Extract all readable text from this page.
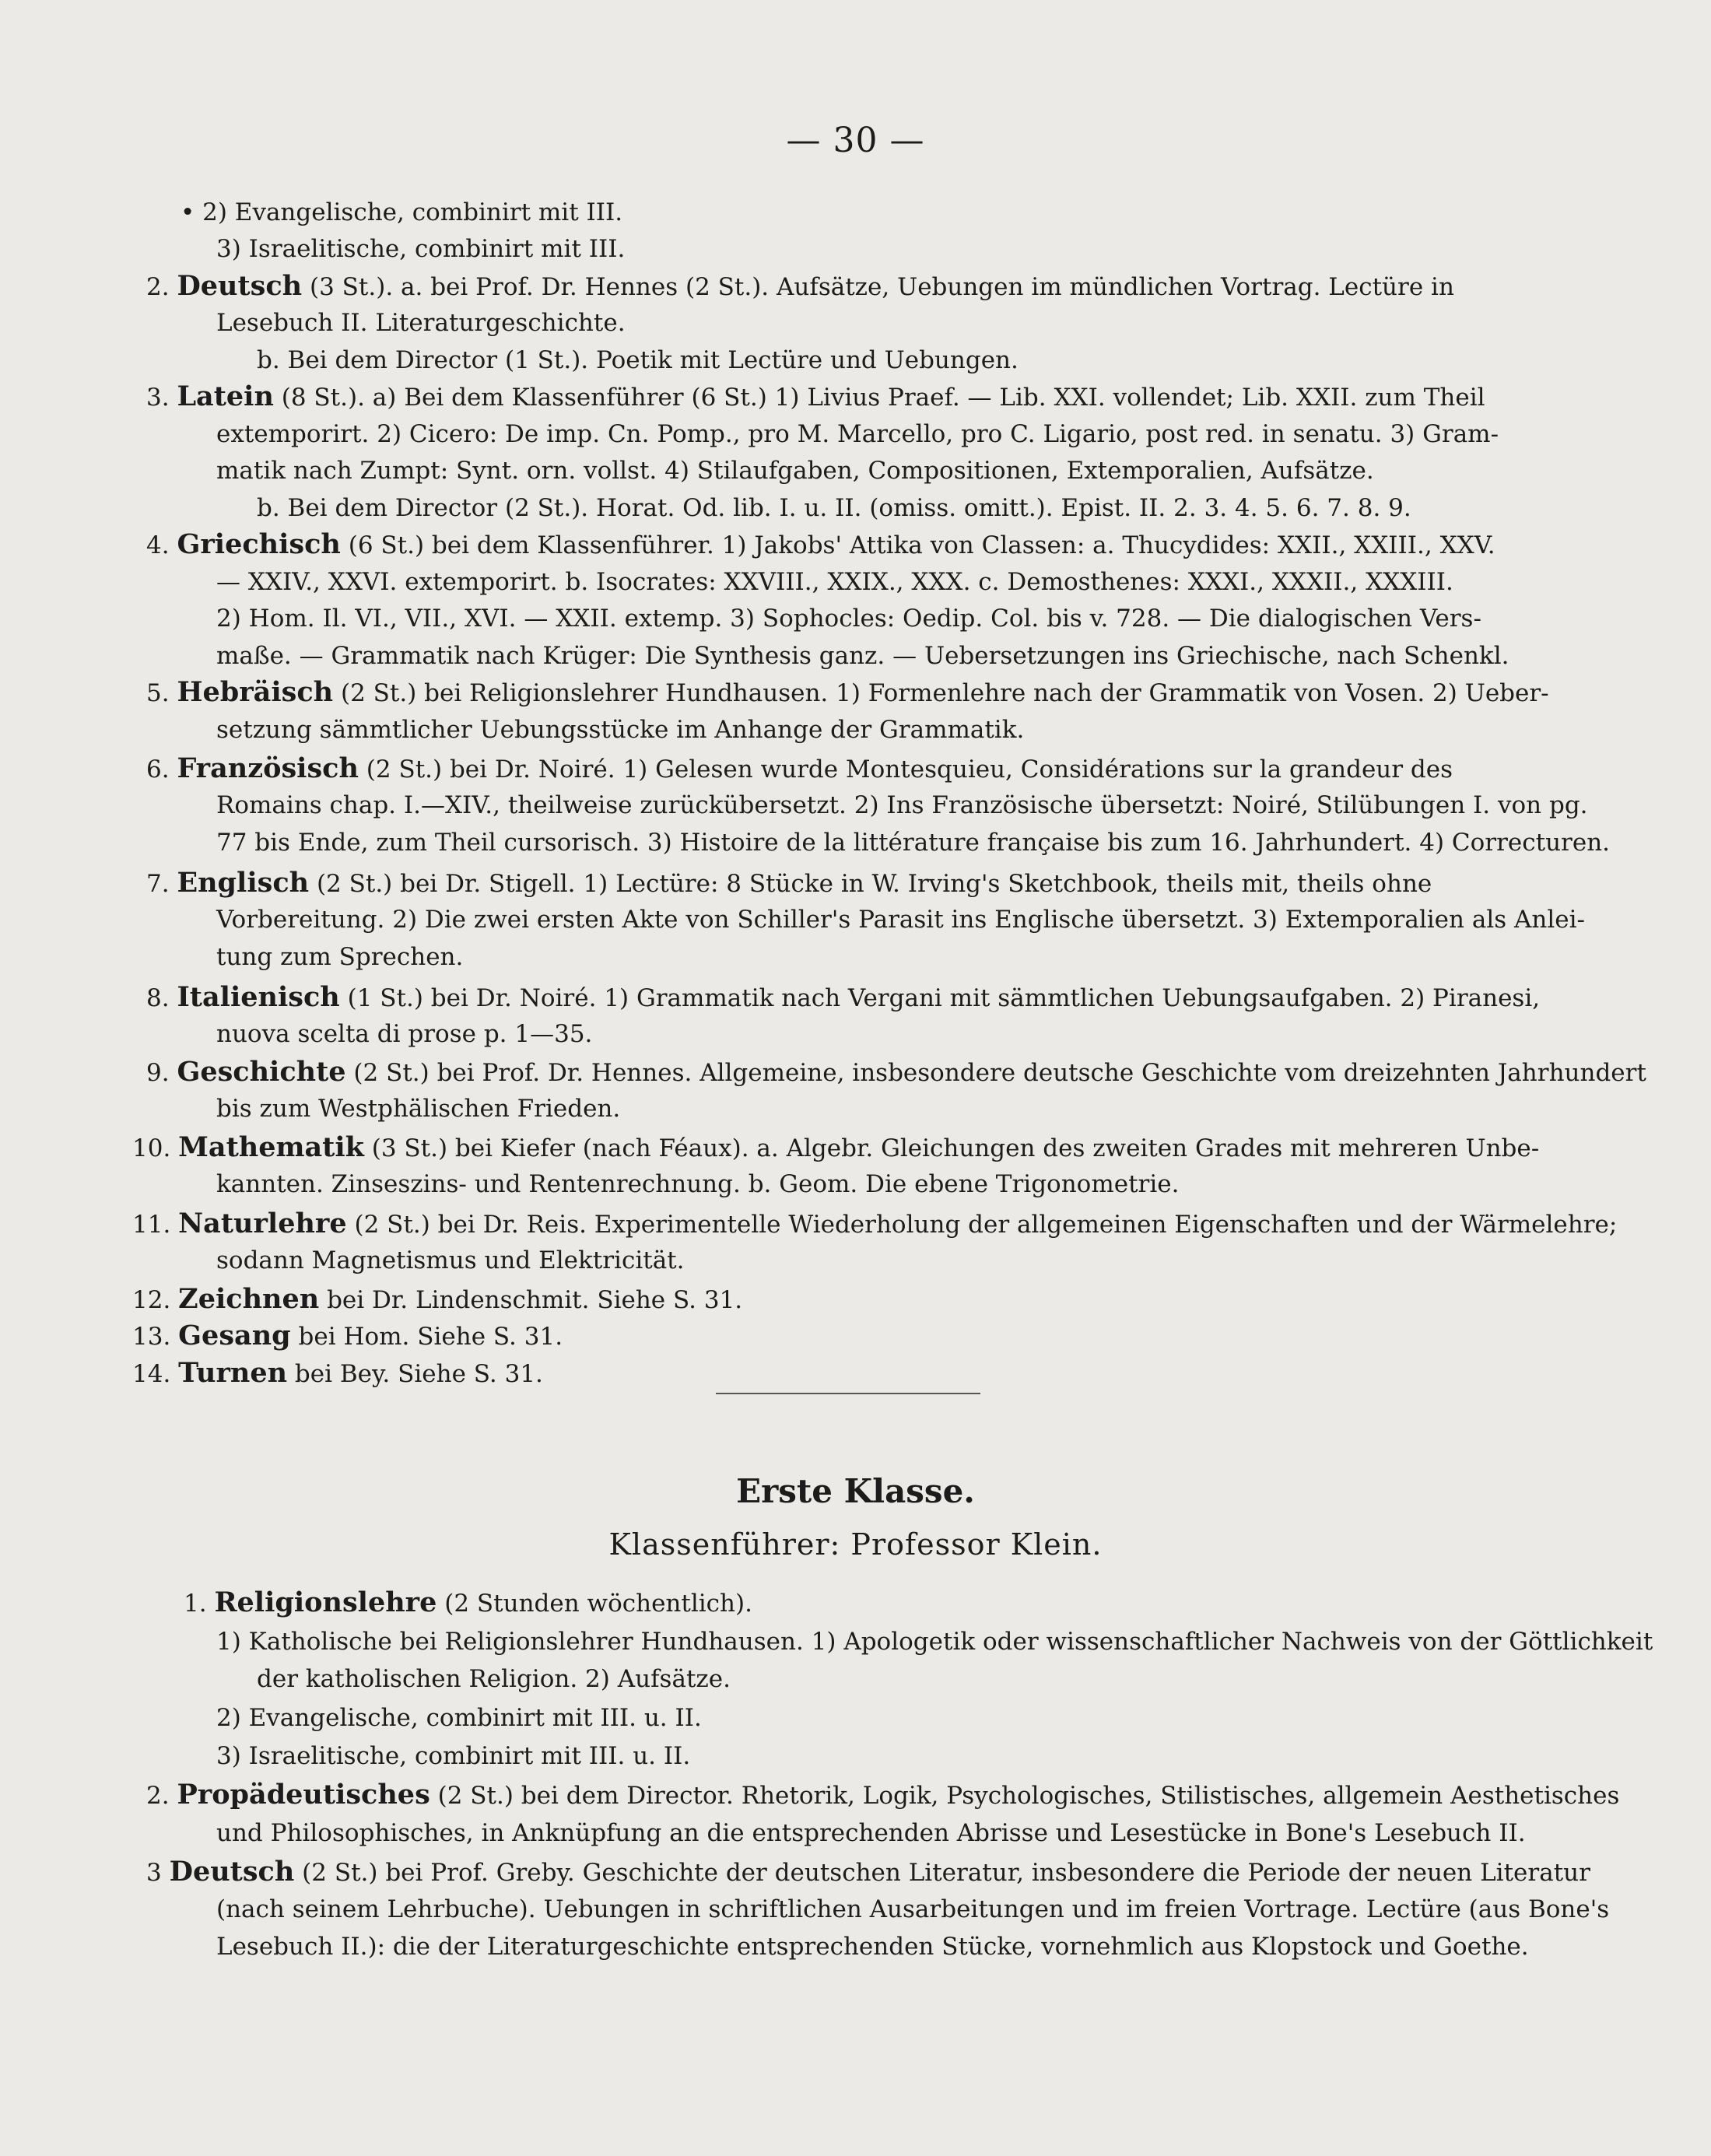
— 30 —
• 2) Evangelische, combinirt mit III.
3) Israelitische, combinirt mit III.
2. Deutsch (3 St.). a. bei Prof. Dr. Hennes (2 St.). Aufsätze, Uebungen im mündlichen Vortrag. Lectüre in
Lesebuch II. Literaturgeschichte.
b. Bei dem Director (1 St.). Poetik mit Lectüre und Uebungen.
3. Latein (8 St.). a) Bei dem Klassenführer (6 St.) 1) Livius Praef. — Lib. XXI. vollendet; Lib. XXII. zum Theil
extemporirt. 2) Cicero: De imp. Cn. Pomp., pro M. Marcello, pro C. Ligario, post red. in senatu. 3) Gram-
matik nach Zumpt: Synt. orn. vollst. 4) Stilaufgaben, Compositionen, Extemporalien, Aufsätze.
b. Bei dem Director (2 St.). Horat. Od. lib. I. u. II. (omiss. omitt.). Epist. II. 2. 3. 4. 5. 6. 7. 8. 9.
4. Griechisch (6 St.) bei dem Klassenführer. 1) Jakobs' Attika von Classen: a. Thucydides: XXII., XXIII., XXV.
— XXIV., XXVI. extemporirt. b. Isocrates: XXVIII., XXIX., XXX. c. Demosthenes: XXXI., XXXII., XXXIII.
2) Hom. Il. VI., VII., XVI. — XXII. extemp. 3) Sophocles: Oedip. Col. bis v. 728. — Die dialogischen Vers-
maße. — Grammatik nach Krüger: Die Synthesis ganz. — Uebersetzungen ins Griechische, nach Schenkl.
5. Hebräisch (2 St.) bei Religionslehrer Hundhausen. 1) Formenlehre nach der Grammatik von Vosen. 2) Ueber-
setzung sämmtlicher Uebungsstücke im Anhange der Grammatik.
6. Französisch (2 St.) bei Dr. Noiré. 1) Gelesen wurde Montesquieu, Considérations sur la grandeur des
Romains chap. I.—XIV., theilweise zurückübersetzt. 2) Ins Französische übersetzt: Noiré, Stilübungen I. von pg.
77 bis Ende, zum Theil cursorisch. 3) Histoire de la littérature française bis zum 16. Jahrhundert. 4) Correcturen.
7. Englisch (2 St.) bei Dr. Stigell. 1) Lectüre: 8 Stücke in W. Irving's Sketchbook, theils mit, theils ohne
Vorbereitung. 2) Die zwei ersten Akte von Schiller's Parasit ins Englische übersetzt. 3) Extemporalien als Anlei-
tung zum Sprechen.
8. Italienisch (1 St.) bei Dr. Noiré. 1) Grammatik nach Vergani mit sämmtlichen Uebungsaufgaben. 2) Piranesi,
nuova scelta di prose p. 1—35.
9. Geschichte (2 St.) bei Prof. Dr. Hennes. Allgemeine, insbesondere deutsche Geschichte vom dreizehnten Jahrhundert
bis zum Westphälischen Frieden.
10. Mathematik (3 St.) bei Kiefer (nach Féaux). a. Algebr. Gleichungen des zweiten Grades mit mehreren Unbe-
kannten. Zinseszins- und Rentenrechnung. b. Geom. Die ebene Trigonometrie.
11. Naturlehre (2 St.) bei Dr. Reis. Experimentelle Wiederholung der allgemeinen Eigenschaften und der Wärmelehre;
sodann Magnetismus und Elektricität.
12. Zeichnen bei Dr. Lindenschmit. Siehe S. 31.
13. Gesang bei Hom. Siehe S. 31.
14. Turnen bei Bey. Siehe S. 31.
Erste Klasse.
Klassenführer: Professor Klein.
1. Religionslehre (2 Stunden wöchentlich).
1) Katholische bei Religionslehrer Hundhausen. 1) Apologetik oder wissenschaftlicher Nachweis von der Göttlichkeit
der katholischen Religion. 2) Aufsätze.
2) Evangelische, combinirt mit III. u. II.
3) Israelitische, combinirt mit III. u. II.
2. Propädeutisches (2 St.) bei dem Director. Rhetorik, Logik, Psychologisches, Stilistisches, allgemein Aesthetisches
und Philosophisches, in Anknüpfung an die entsprechenden Abrisse und Lesestücke in Bone's Lesebuch II.
3 Deutsch (2 St.) bei Prof. Greby. Geschichte der deutschen Literatur, insbesondere die Periode der neuen Literatur
(nach seinem Lehrbuche). Uebungen in schriftlichen Ausarbeitungen und im freien Vortrage. Lectüre (aus Bone's
Lesebuch II.): die der Literaturgeschichte entsprechenden Stücke, vornehmlich aus Klopstock und Goethe.
